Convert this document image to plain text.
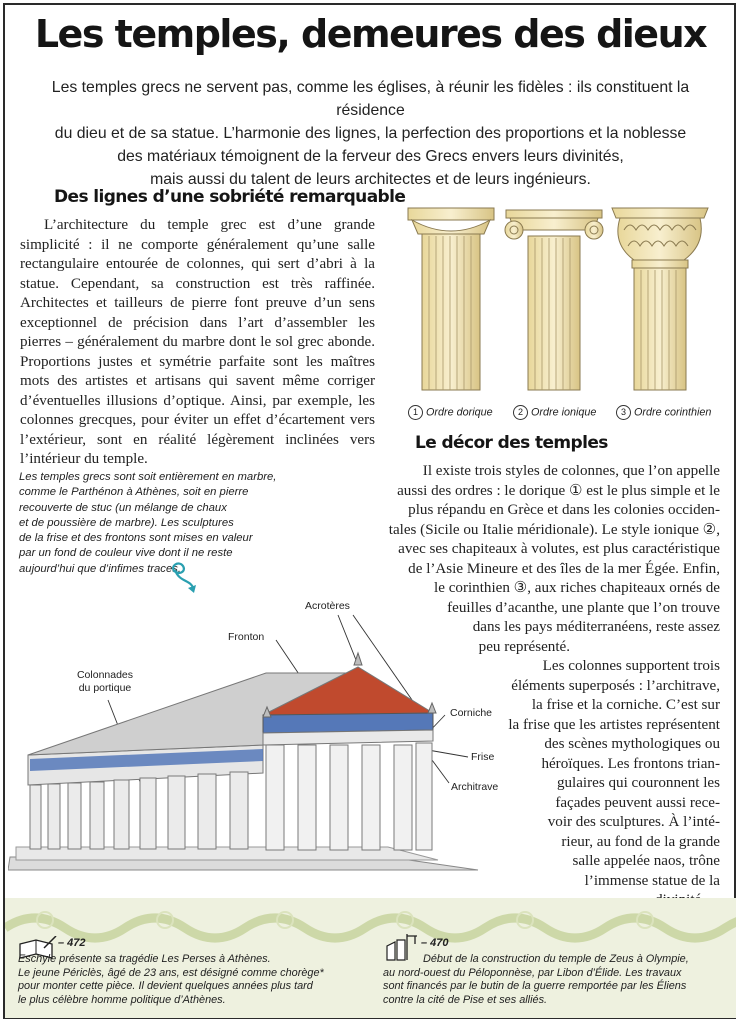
Les temples, demeures des dieux
Les temples grecs ne servent pas, comme les églises, à réunir les fidèles : ils constituent la résidence
du dieu et de sa statue. L’harmonie des lignes, la perfection des proportions et la noblesse
des matériaux témoignent de la ferveur des Grecs envers leurs divinités,
mais aussi du talent de leurs architectes et de leurs ingénieurs.
Des lignes d’une sobriété remarquable
L’architecture du temple grec est d’une grande simplicité : il ne comporte généralement qu’une salle rectangulaire entourée de colonnes, qui sert d’abri à la statue. Cependant, sa construction est très raffinée. Architectes et tailleurs de pierre font preuve d’un sens exceptionnel de précision dans l’art d’assembler les pierres – généralement du marbre dont le sol grec abonde. Proportions justes et symétrie parfaite sont les maîtres mots des artistes et artisans qui savent même corriger d’éventuelles illusions d’optique. Ainsi, par exemple, les colonnes grecques, pour éviter un effet d’écartement vers l’extérieur, sont en réalité légèrement inclinées vers l’intérieur du temple.
Les temples grecs sont soit entièrement en marbre,
comme le Parthénon à Athènes, soit en pierre
recouverte de stuc (un mélange de chaux
et de poussière de marbre). Les sculptures
de la frise et des frontons sont mises en valeur
par un fond de couleur vive dont il ne reste
aujourd’hui que d’infimes traces.
1 Ordre dorique	2 Ordre ionique	3 Ordre corinthien
Le décor des temples
Il existe trois styles de colonnes, que l’on appelle
aussi des ordres : le dorique ① est le plus simple et le
plus répandu en Grèce et dans les colonies occiden-
tales (Sicile ou Italie méridionale). Le style ionique ②,
avec ses chapiteaux à volutes, est plus caractéristique
de l’Asie Mineure et des îles de la mer Égée. Enfin,
le corinthien ③, aux riches chapiteaux ornés de
feuilles d’acanthe, une plante que l’on trouve
dans les pays méditerranéens, reste assez
peu représenté.
Les colonnes supportent trois
éléments superposés : l’architrave,
la frise et la corniche. C’est sur
la frise que les artistes représentent
des scènes mythologiques ou
héroïques. Les frontons trian-
gulaires qui couronnent les
façades peuvent aussi rece-
voir des sculptures. À l’inté-
rieur, au fond de la grande
salle appelée naos, trône
l’immense statue de la
Acrotères
Fronton
Colonnades
du portique
Corniche
Frise
Architrave
– 472
Eschyle présente sa tragédie Les Perses à Athènes.
Le jeune Périclès, âgé de 23 ans, est désigné comme chorège*
pour monter cette pièce. Il devient quelques années plus tard
le plus célèbre homme politique d’Athènes.
– 470
Début de la construction du temple de Zeus à Olympie,
au nord-ouest du Péloponnèse, par Libon d’Élide. Les travaux
sont financés par le butin de la guerre remportée par les Éliens
contre la cité de Pise et ses alliés.
